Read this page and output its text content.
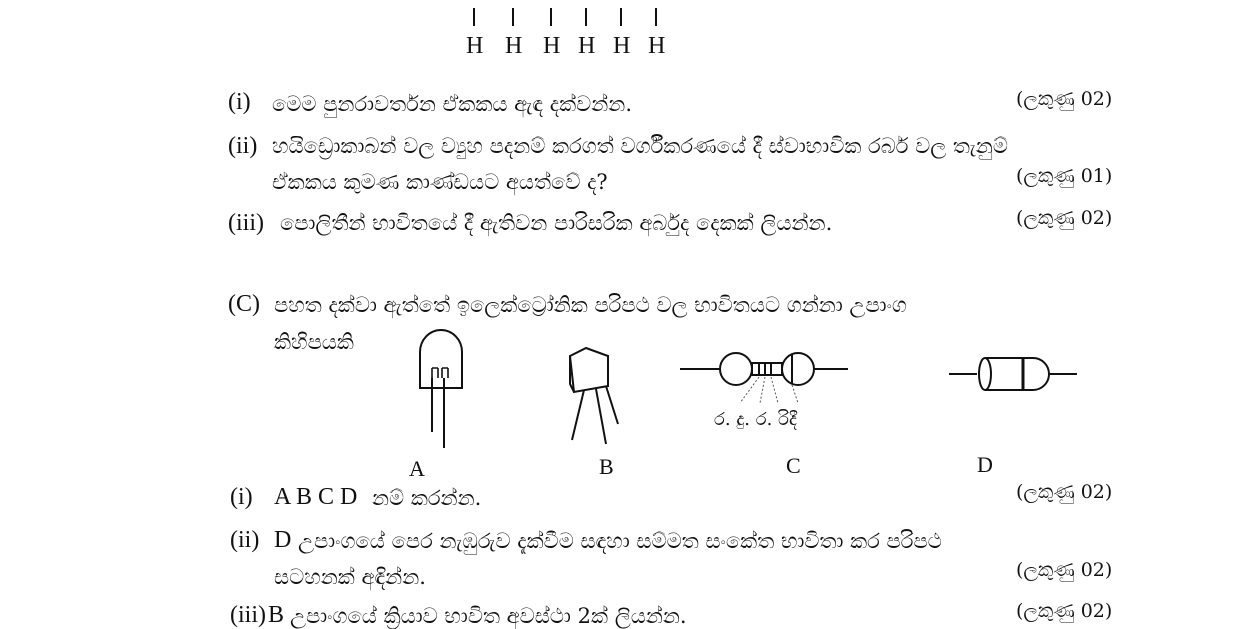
H H H H H H
(i) මෙම පුනරාවර්තන ඒකකය ඇඳ දක්වන්න.	(ලකුණු 02)
(ii) හයිඩ්‍රොකාබන් වල ව්‍යුහ පදනම් කරගත් වර්ගීකරණයේ දී ස්වාභාවික රබර් වල තැනුම්
ඒකකය කුමණ කාණ්ඩයට අයත්වේ ද?	(ලකුණු 01)
(iii) පොලිතීන් භාවිතයේ දී ඇතිවන පාරිසරික අර්බුද දෙකක් ලියන්න.	(ලකුණු 02)
(C) පහත දක්වා ඇත්තේ ඉලෙක්ට්‍රෝනික පරිපථ වල භාවිතයට ගන්නා උපාංග
කිහිපයකි
ර. දු. ර. රිදී
A	B	C	D
(i) A B C D නම් කරන්න.	(ලකුණු 02)
(ii) D උපාංගයේ පෙර නැඹුරුව දැක්වීම සඳහා සම්මත සංකේත භාවිතා කර පරිපථ
සටහනක් අඳින්න.	(ලකුණු 02)
(iii) B උපාංගයේ ක්‍රියාව භාවිත අවස්ථා 2ක් ලියන්න.	(ලකුණු 02)
